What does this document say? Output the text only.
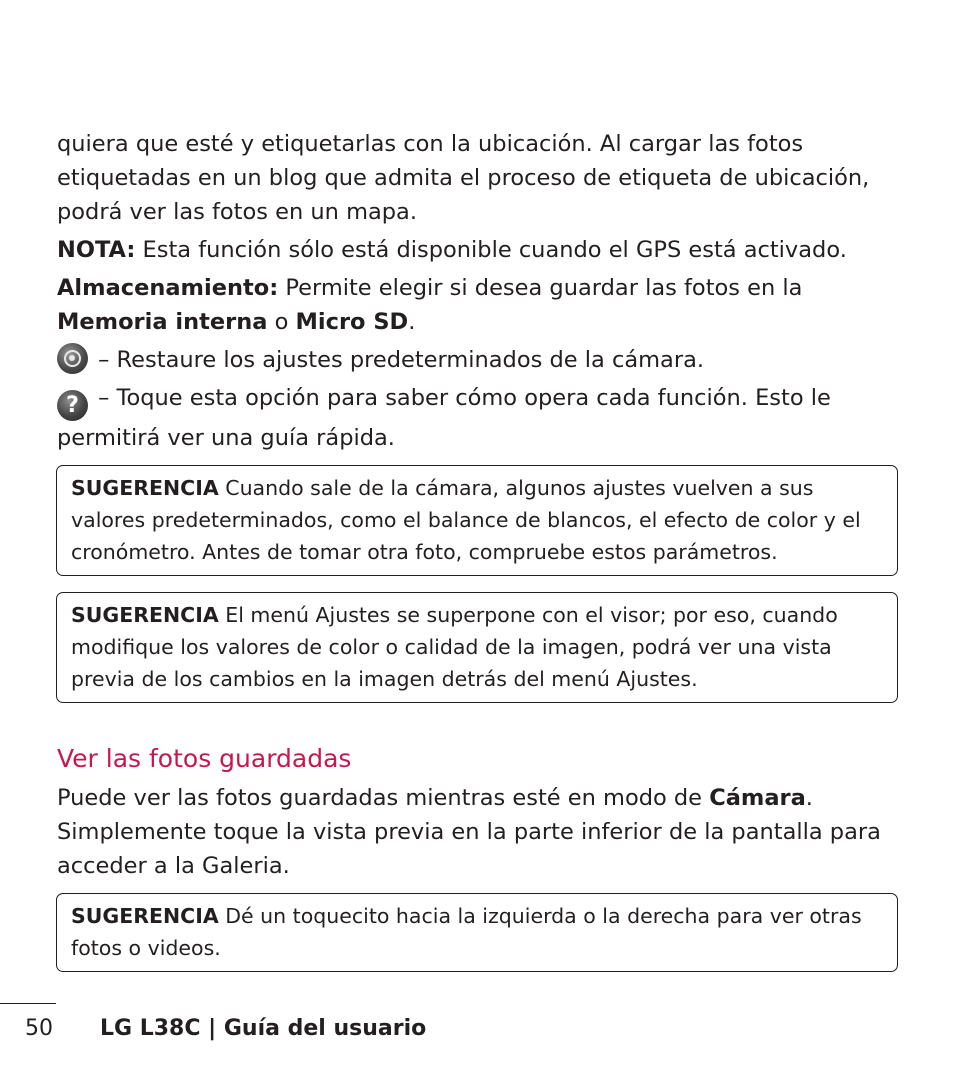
quiera que esté y etiquetarlas con la ubicación. Al cargar las fotos etiquetadas en un blog que admita el proceso de etiqueta de ubicación, podrá ver las fotos en un mapa.

NOTA: Esta función sólo está disponible cuando el GPS está activado.

Almacenamiento: Permite elegir si desea guardar las fotos en la Memoria interna o Micro SD.

– Restaure los ajustes predeterminados de la cámara.

? – Toque esta opción para saber cómo opera cada función. Esto le permitirá ver una guía rápida.

SUGERENCIA Cuando sale de la cámara, algunos ajustes vuelven a sus valores predeterminados, como el balance de blancos, el efecto de color y el cronómetro. Antes de tomar otra foto, compruebe estos parámetros.

SUGERENCIA El menú Ajustes se superpone con el visor; por eso, cuando modifique los valores de color o calidad de la imagen, podrá ver una vista previa de los cambios en la imagen detrás del menú Ajustes.

Ver las fotos guardadas

Puede ver las fotos guardadas mientras esté en modo de Cámara. Simplemente toque la vista previa en la parte inferior de la pantalla para acceder a la Galeria.

SUGERENCIA Dé un toquecito hacia la izquierda o la derecha para ver otras fotos o videos.

50 LG L38C | Guía del usuario
